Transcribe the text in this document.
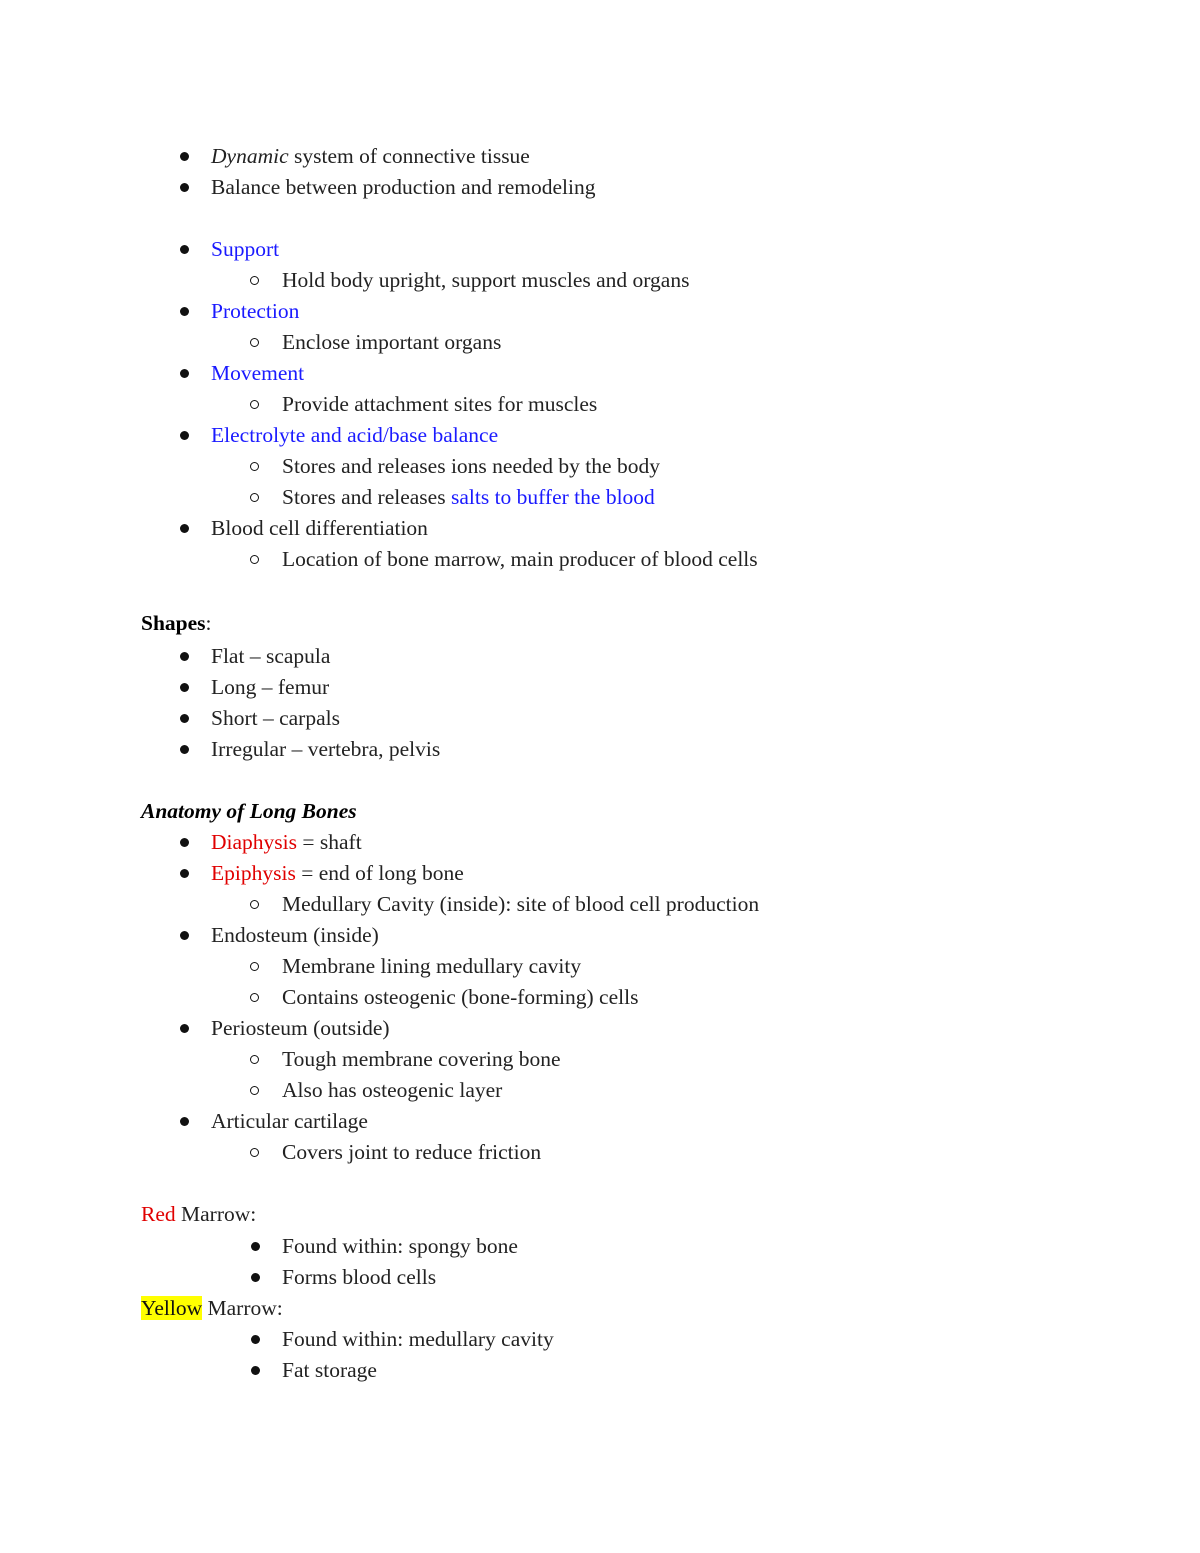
Dynamic system of connective tissue
Balance between production and remodeling
Support
Hold body upright, support muscles and organs
Protection
Enclose important organs
Movement
Provide attachment sites for muscles
Electrolyte and acid/base balance
Stores and releases ions needed by the body
Stores and releases salts to buffer the blood
Blood cell differentiation
Location of bone marrow, main producer of blood cells
Shapes:
Flat – scapula
Long – femur
Short – carpals
Irregular – vertebra, pelvis
Anatomy of Long Bones
Diaphysis = shaft
Epiphysis = end of long bone
Medullary Cavity (inside): site of blood cell production
Endosteum (inside)
Membrane lining medullary cavity
Contains osteogenic (bone-forming) cells
Periosteum (outside)
Tough membrane covering bone
Also has osteogenic layer
Articular cartilage
Covers joint to reduce friction
Red Marrow:
Found within: spongy bone
Forms blood cells
Yellow Marrow:
Found within: medullary cavity
Fat storage
